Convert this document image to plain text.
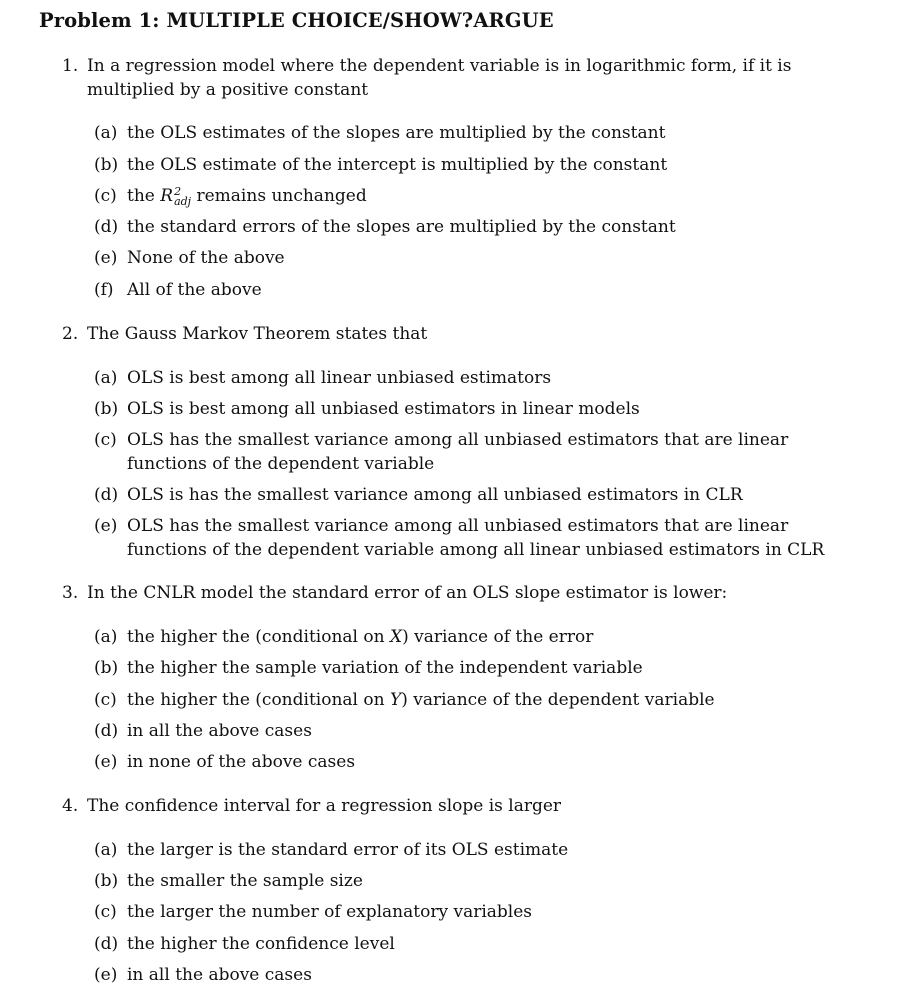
Problem 1: MULTIPLE CHOICE/SHOW?ARGUE
1. In a regression model where the dependent variable is in logarithmic form, if it is multiplied by a positive constant
(a) the OLS estimates of the slopes are multiplied by the constant
(b) the OLS estimate of the intercept is multiplied by the constant
(c) the R 2
adj remains unchanged
(d) the standard errors of the slopes are multiplied by the constant
(e) None of the above
(f) All of the above
2. The Gauss Markov Theorem states that
(a) OLS is best among all linear unbiased estimators
(b) OLS is best among all unbiased estimators in linear models
(c) OLS has the smallest variance among all unbiased estimators that are linear functions of the dependent variable
(d) OLS is has the smallest variance among all unbiased estimators in CLR
(e) OLS has the smallest variance among all unbiased estimators that are linear functions of the dependent variable among all linear unbiased estimators in CLR
3. In the CNLR model the standard error of an OLS slope estimator is lower:
(a) the higher the (conditional on X) variance of the error
(b) the higher the sample variation of the independent variable
(c) the higher the (conditional on Y) variance of the dependent variable
(d) in all the above cases
(e) in none of the above cases
4. The confidence interval for a regression slope is larger
(a) the larger is the standard error of its OLS estimate
(b) the smaller the sample size
(c) the larger the number of explanatory variables
(d) the higher the confidence level
(e) in all the above cases
